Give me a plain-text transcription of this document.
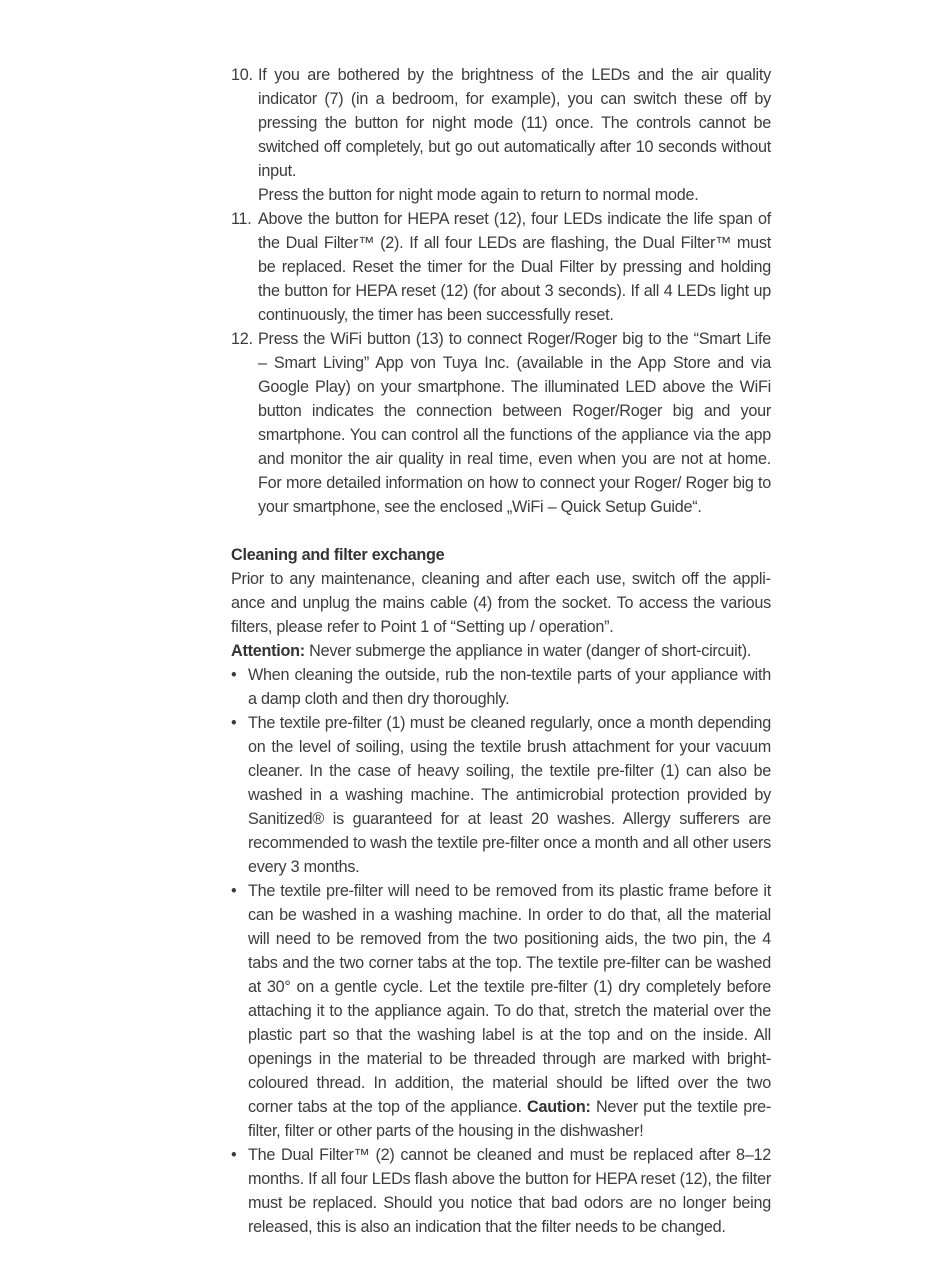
10. If you are bothered by the brightness of the LEDs and the air quality indicator (7) (in a bedroom, for example), you can switch these off by pressing the button for night mode (11) once. The controls cannot be switched off completely, but go out automatically after 10 seconds without input.

Press the button for night mode again to return to normal mode.

11. Above the button for HEPA reset (12), four LEDs indicate the life span of the Dual Filter™ (2). If all four LEDs are flashing, the Dual Filter™ must be replaced. Reset the timer for the Dual Filter by pressing and holding the button for HEPA reset (12) (for about 3 seconds). If all 4 LEDs light up continuously, the timer has been successfully reset.

12. Press the WiFi button (13) to connect Roger/Roger big to the “Smart Life – Smart Living” App von Tuya Inc. (available in the App Store and via Google Play) on your smartphone. The illuminated LED above the WiFi button indicates the connection between Roger/Roger big and your smartphone. You can control all the functions of the appliance via the app and monitor the air quality in real time, even when you are not at home. For more detailed information on how to connect your Roger/ Roger big to your smartphone, see the enclosed „WiFi – Quick Setup Guide“.

Cleaning and filter exchange

Prior to any maintenance, cleaning and after each use, switch off the appliance and unplug the mains cable (4) from the socket. To access the various filters, please refer to Point 1 of “Setting up / operation”.

Attention: Never submerge the appliance in water (danger of short-circuit).

• When cleaning the outside, rub the non-textile parts of your appliance with a damp cloth and then dry thoroughly.
• The textile pre-filter (1) must be cleaned regularly, once a month depending on the level of soiling, using the textile brush attachment for your vacuum cleaner. In the case of heavy soiling, the textile pre-filter (1) can also be washed in a washing machine. The antimicrobial protection provided by Sanitized® is guaranteed for at least 20 washes. Allergy sufferers are recommended to wash the textile pre-filter once a month and all other users every 3 months.
• The textile pre-filter will need to be removed from its plastic frame before it can be washed in a washing machine. In order to do that, all the material will need to be removed from the two positioning aids, the two pin, the 4 tabs and the two corner tabs at the top. The textile pre-filter can be washed at 30° on a gentle cycle. Let the textile pre-filter (1) dry completely before attaching it to the appliance again. To do that, stretch the material over the plastic part so that the washing label is at the top and on the inside. All openings in the material to be threaded through are marked with bright-coloured thread. In addition, the material should be lifted over the two corner tabs at the top of the appliance. Caution: Never put the textile pre-filter, filter or other parts of the housing in the dishwasher!
• The Dual Filter™ (2) cannot be cleaned and must be replaced after 8–12 months. If all four LEDs flash above the button for HEPA reset (12), the filter must be replaced. Should you notice that bad odors are no longer being released, this is also an indication that the filter needs to be changed.
